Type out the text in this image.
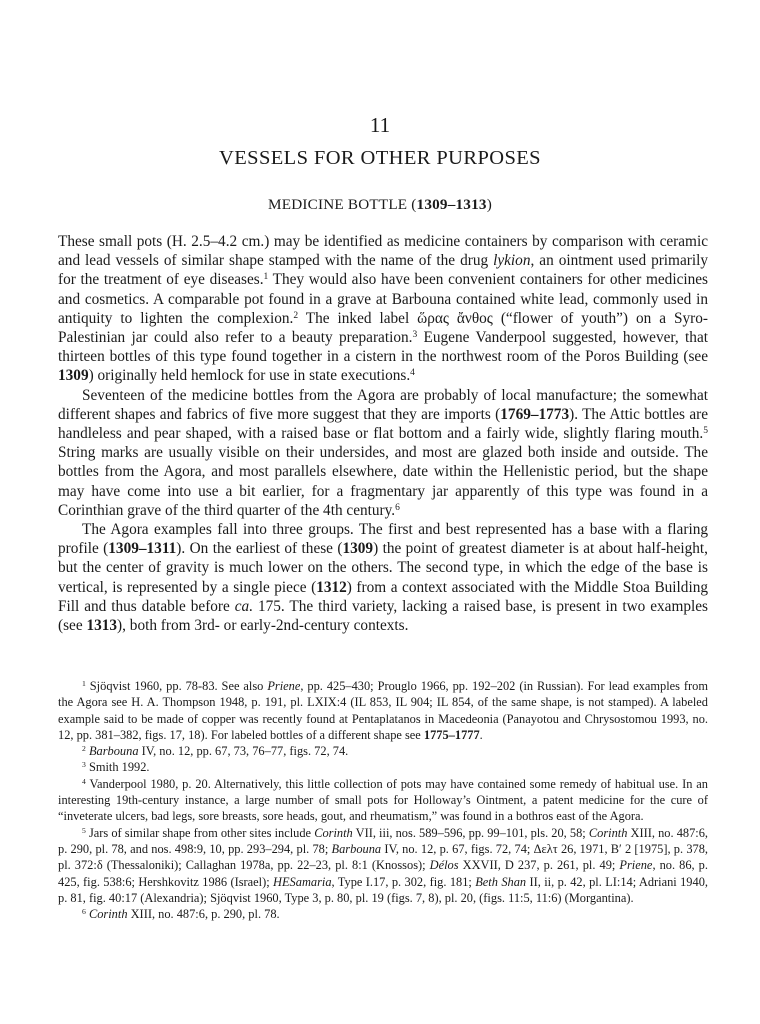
11
VESSELS FOR OTHER PURPOSES
MEDICINE BOTTLE (1309–1313)

These small pots (H. 2.5–4.2 cm.) may be identified as medicine containers by comparison with ceramic and lead vessels of similar shape stamped with the name of the drug lykion, an ointment used primarily for the treatment of eye diseases.$^1$ They would also have been convenient containers for other medicines and cosmetics. A comparable pot found in a grave at Barbouna contained white lead, commonly used in antiquity to lighten the complexion.$^2$ The inked label ὥρας ἄνθος (“flower of youth”) on a Syro-Palestinian jar could also refer to a beauty preparation.$^3$ Eugene Vanderpool suggested, however, that thirteen bottles of this type found together in a cistern in the northwest room of the Poros Building (see 1309) originally held hemlock for use in state executions.$^4$

Seventeen of the medicine bottles from the Agora are probably of local manufacture; the somewhat different shapes and fabrics of five more suggest that they are imports (1769–1773). The Attic bottles are handleless and pear shaped, with a raised base or flat bottom and a fairly wide, slightly flaring mouth.$^5$ String marks are usually visible on their undersides, and most are glazed both inside and outside. The bottles from the Agora, and most parallels elsewhere, date within the Hellenistic period, but the shape may have come into use a bit earlier, for a fragmentary jar apparently of this type was found in a Corinthian grave of the third quarter of the 4th century.$^6$

The Agora examples fall into three groups. The first and best represented has a base with a flaring profile (1309–1311). On the earliest of these (1309) the point of greatest diameter is at about half-height, but the center of gravity is much lower on the others. The second type, in which the edge of the base is vertical, is represented by a single piece (1312) from a context associated with the Middle Stoa Building Fill and thus datable before ca. 175. The third variety, lacking a raised base, is present in two examples (see 1313), both from 3rd- or early-2nd-century contexts.

$^1$ Sjöqvist 1960, pp. 78-83. See also Priene, pp. 425–430; Prouglo 1966, pp. 192–202 (in Russian). For lead examples from the Agora see H. A. Thompson 1948, p. 191, pl. LXIX:4 (IL 853, IL 904; IL 854, of the same shape, is not stamped). A labeled example said to be made of copper was recently found at Pentaplatanos in Macedeonia (Panayotou and Chrysostomou 1993, no. 12, pp. 381–382, figs. 17, 18). For labeled bottles of a different shape see 1775–1777.

$^2$ Barbouna IV, no. 12, pp. 67, 73, 76–77, figs. 72, 74.

$^3$ Smith 1992.

$^4$ Vanderpool 1980, p. 20. Alternatively, this little collection of pots may have contained some remedy of habitual use. In an interesting 19th-century instance, a large number of small pots for Holloway’s Ointment, a patent medicine for the cure of “inveterate ulcers, bad legs, sore breasts, sore heads, gout, and rheumatism,” was found in a bothros east of the Agora.

$^5$ Jars of similar shape from other sites include Corinth VII, iii, nos. 589–596, pp. 99–101, pls. 20, 58; Corinth XIII, no. 487:6, p. 290, pl. 78, and nos. 498:9, 10, pp. 293–294, pl. 78; Barbouna IV, no. 12, p. 67, figs. 72, 74; Δελτ 26, 1971, B′ 2 [1975], p. 378, pl. 372:δ (Thessaloniki); Callaghan 1978a, pp. 22–23, pl. 8:1 (Knossos); Délos XXVII, D 237, p. 261, pl. 49; Priene, no. 86, p. 425, fig. 538:6; Hershkovitz 1986 (Israel); HESamaria, Type I.17, p. 302, fig. 181; Beth Shan II, ii, p. 42, pl. LI:14; Adriani 1940, p. 81, fig. 40:17 (Alexandria); Sjöqvist 1960, Type 3, p. 80, pl. 19 (figs. 7, 8), pl. 20, (figs. 11:5, 11:6) (Morgantina).

$^6$ Corinth XIII, no. 487:6, p. 290, pl. 78.
